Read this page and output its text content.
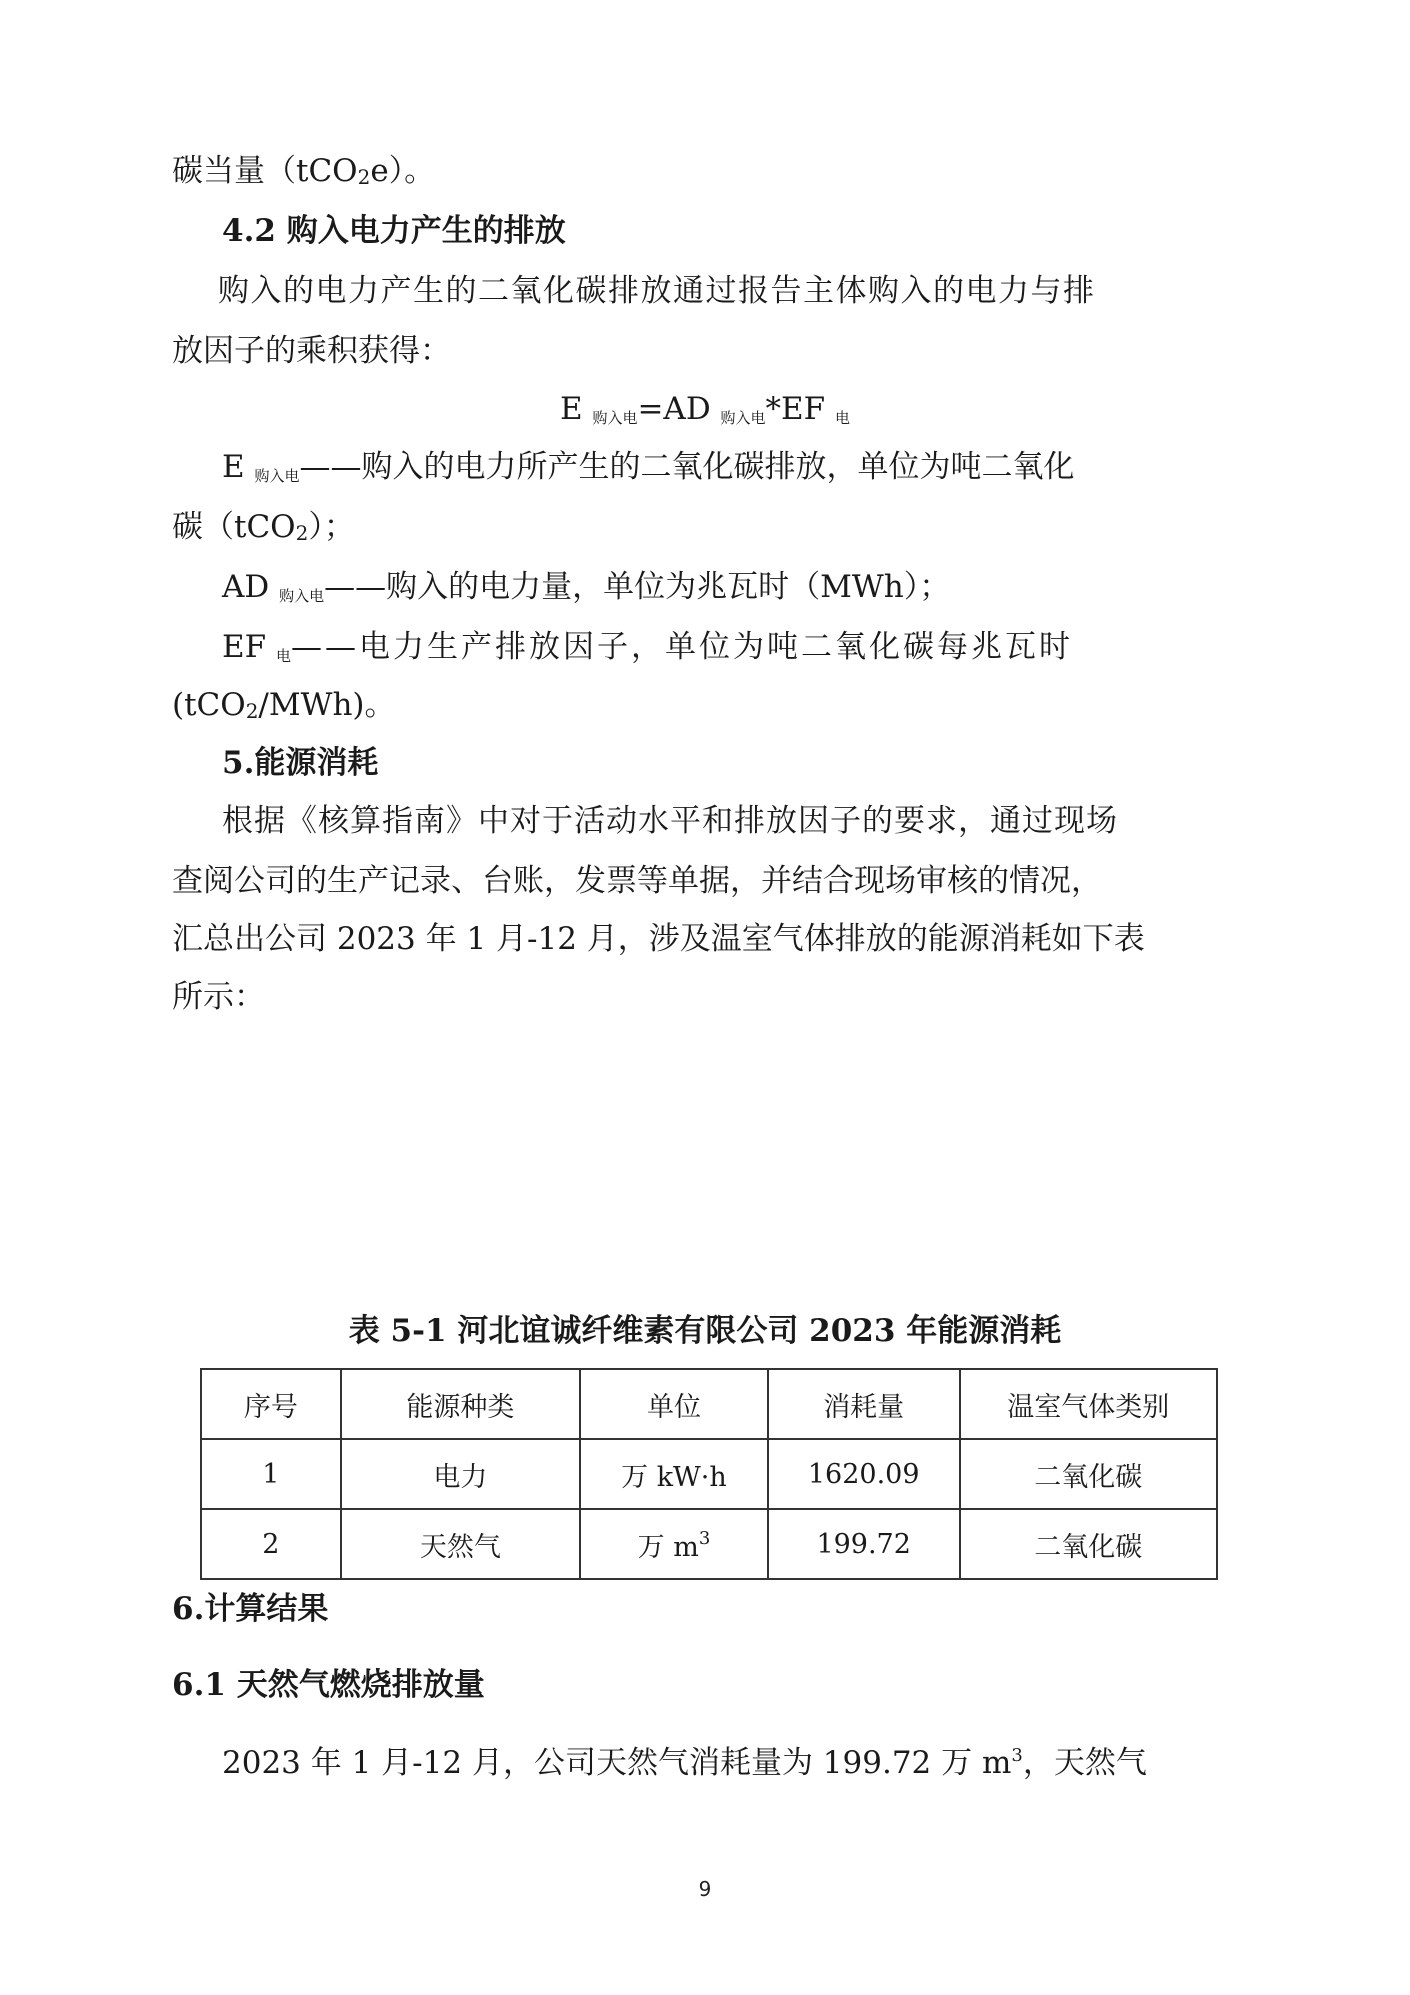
碳当量（tCO$_2$e）。
4.2 购入电力产生的排放
购入的电力产生的二氧化碳排放通过报告主体购入的电力与排
放因子的乘积获得：
E $_{购入电}$=AD $_{购入电}$*EF $_电$
E $_{购入电}$——购入的电力所产生的二氧化碳排放，单位为吨二氧化
碳（tCO$_2$）；
AD $_{购入电}$——购入的电力量，单位为兆瓦时（MWh）；
EF $_电$——电力生产排放因子，单位为吨二氧化碳每兆瓦时
(tCO$_2$/MWh)。
5.能源消耗
根据《核算指南》中对于活动水平和排放因子的要求，通过现场
查阅公司的生产记录、台账，发票等单据，并结合现场审核的情况，
汇总出公司 2023 年 1 月-12 月，涉及温室气体排放的能源消耗如下表
所示：
表 5-1 河北谊诚纤维素有限公司 2023 年能源消耗
序号	能源种类	单位	消耗量	温室气体类别
1	电力	万 kW·h	1620.09	二氧化碳
2	天然气	万 $m^3$	199.72	二氧化碳
6.计算结果
6.1 天然气燃烧排放量
2023 年 1 月-12 月，公司天然气消耗量为 199.72 万 $m^3$，天然气
9
